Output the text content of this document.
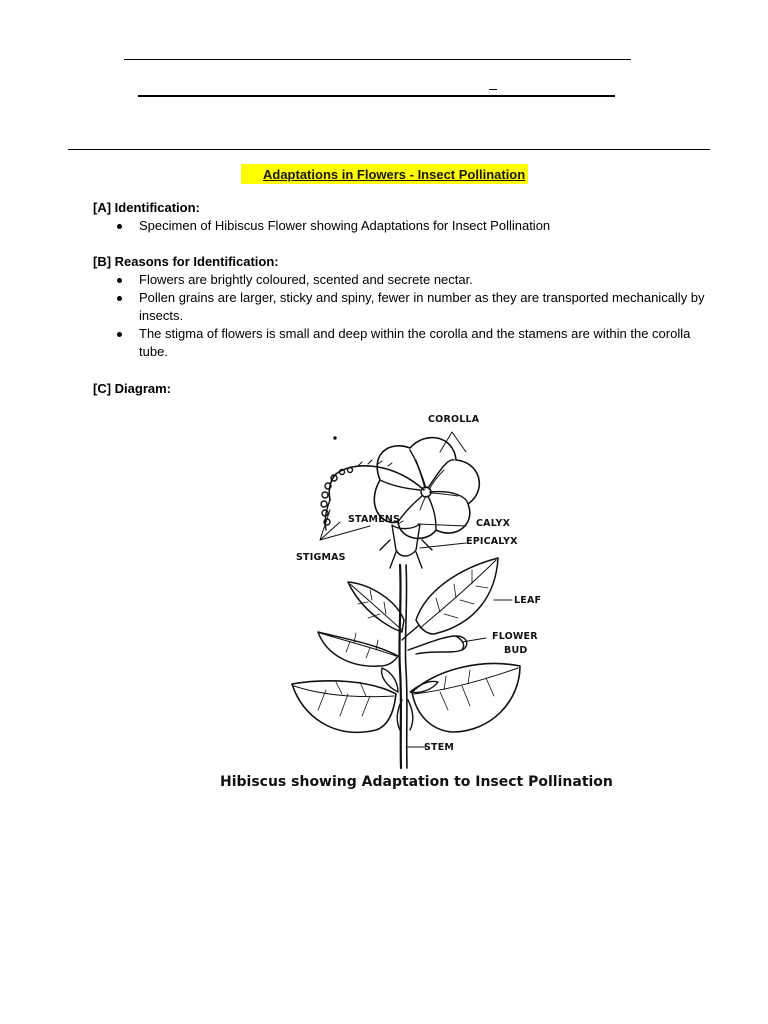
Adaptations in Flowers - Insect Pollination
[A] Identification:
Specimen of Hibiscus Flower showing Adaptations for Insect Pollination
[B] Reasons for Identification:
Flowers are brightly coloured, scented and secrete nectar.
Pollen grains are larger, sticky and spiny, fewer in number as they are transported mechanically by insects.
The stigma of flowers is small and deep within the corolla and the stamens are within the corolla tube.
[C] Diagram:
COROLLA
STAMENS	CALYX
EPICALYX
STIGMAS
LEAF
FLOWER
BUD
STEM
Hibiscus showing Adaptation to Insect Pollination
